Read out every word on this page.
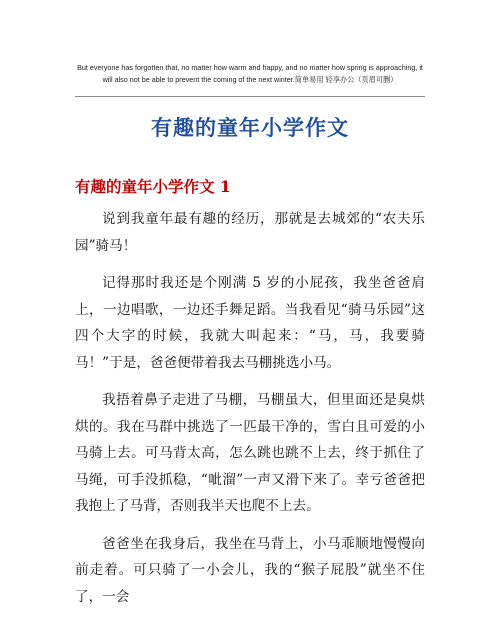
But everyone has forgotten that, no matter how warm and happy, and no matter how spring is approaching, it
will also not be able to prevent the coming of the next winter.简单易用 轻享办公（页眉可删）
有趣的童年小学作文
有趣的童年小学作文 1

说到我童年最有趣的经历，那就是去城郊的“农夫乐园”骑马！

记得那时我还是个刚满 5 岁的小屁孩，我坐爸爸肩上，一边唱歌，一边还手舞足蹈。当我看见“骑马乐园”这四个大字的时候，我就大叫起来：“马，马，我要骑马！”于是，爸爸便带着我去马棚挑选小马。

我捂着鼻子走进了马棚，马棚虽大，但里面还是臭烘烘的。我在马群中挑选了一匹最干净的，雪白且可爱的小马骑上去。可马背太高，怎么跳也跳不上去，终于抓住了马绳，可手没抓稳，“呲溜”一声又滑下来了。幸亏爸爸把我抱上了马背，否则我半天也爬不上去。

爸爸坐在我身后，我坐在马背上，小马乖顺地慢慢向前走着。可只骑了一小会儿，我的“猴子屁股”就坐不住了，一会
